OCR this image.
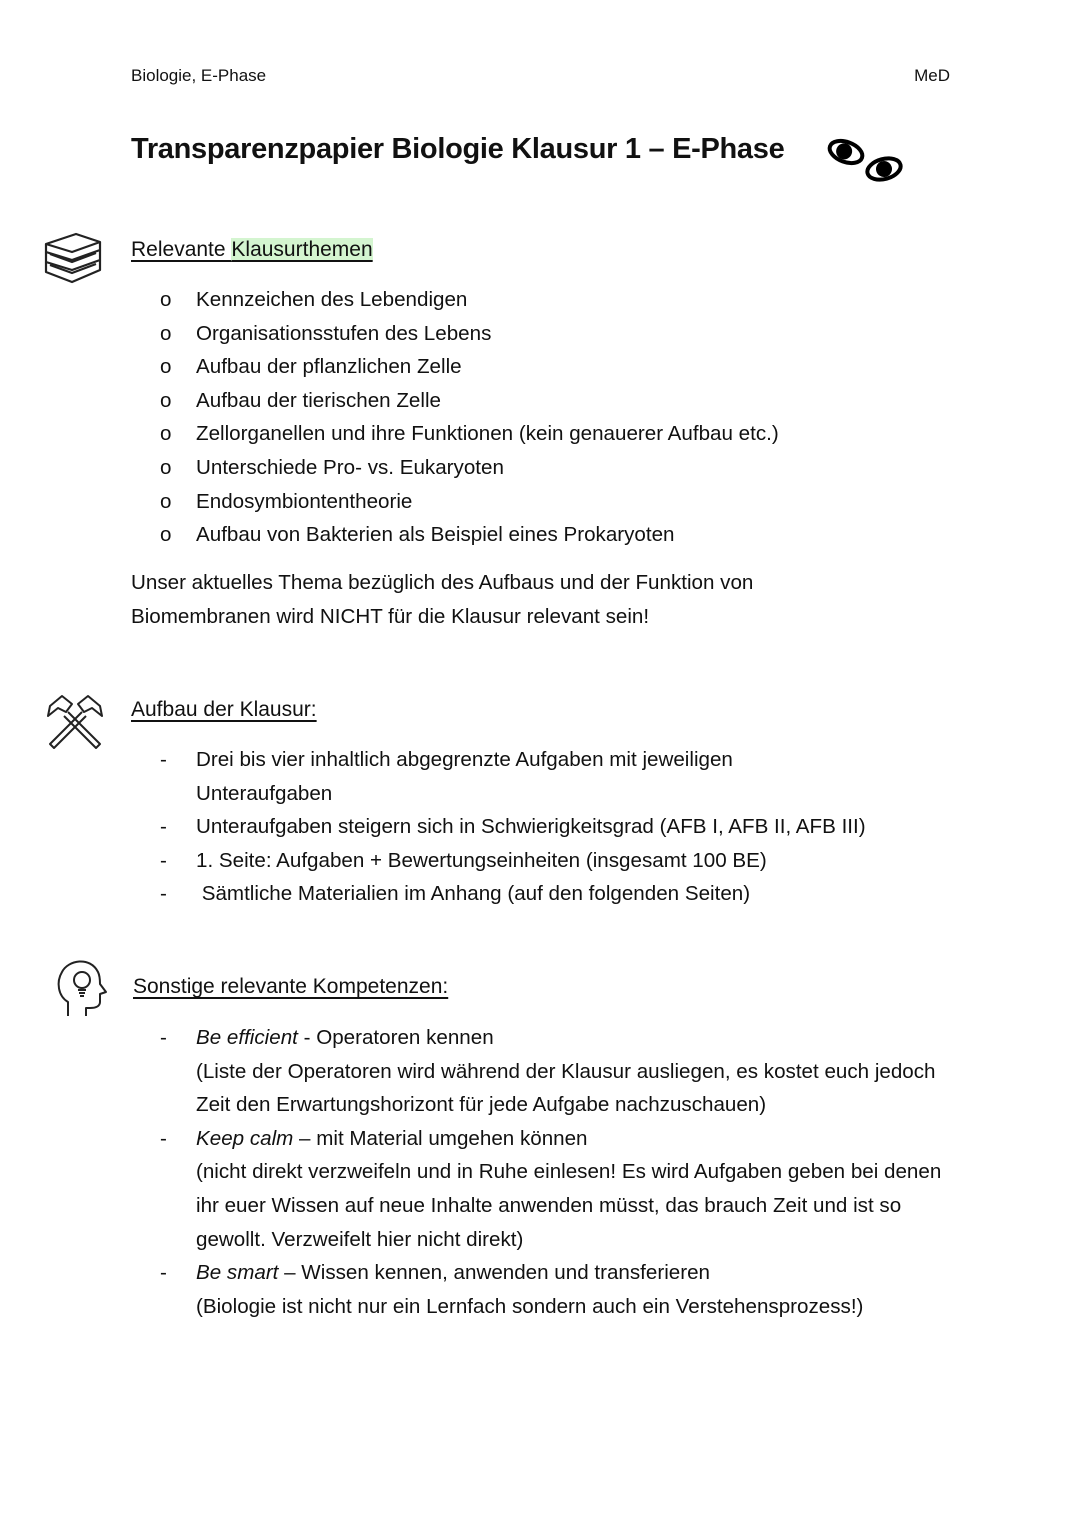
Biologie, E-Phase	MeD
Transparenzpapier Biologie Klausur 1 – E-Phase
Relevante Klausurthemen
o	Kennzeichen des Lebendigen
o	Organisationsstufen des Lebens
o	Aufbau der pflanzlichen Zelle
o	Aufbau der tierischen Zelle
o	Zellorganellen und ihre Funktionen (kein genauerer Aufbau etc.)
o	Unterschiede Pro- vs. Eukaryoten
o	Endosymbiontentheorie
o	Aufbau von Bakterien als Beispiel eines Prokaryoten
Unser aktuelles Thema bezüglich des Aufbaus und der Funktion von Biomembranen wird NICHT für die Klausur relevant sein!
Aufbau der Klausur:
-	Drei bis vier inhaltlich abgegrenzte Aufgaben mit jeweiligen Unteraufgaben
-	Unteraufgaben steigern sich in Schwierigkeitsgrad (AFB I, AFB II, AFB III)
-	1. Seite: Aufgaben + Bewertungseinheiten (insgesamt 100 BE)
-	Sämtliche Materialien im Anhang (auf den folgenden Seiten)
Sonstige relevante Kompetenzen:
-	Be efficient - Operatoren kennen
(Liste der Operatoren wird während der Klausur ausliegen, es kostet euch jedoch Zeit den Erwartungshorizont für jede Aufgabe nachzuschauen)
-	Keep calm – mit Material umgehen können
(nicht direkt verzweifeln und in Ruhe einlesen! Es wird Aufgaben geben bei denen ihr euer Wissen auf neue Inhalte anwenden müsst, das brauch Zeit und ist so gewollt. Verzweifelt hier nicht direkt)
-	Be smart – Wissen kennen, anwenden und transferieren
(Biologie ist nicht nur ein Lernfach sondern auch ein Verstehensprozess!)
